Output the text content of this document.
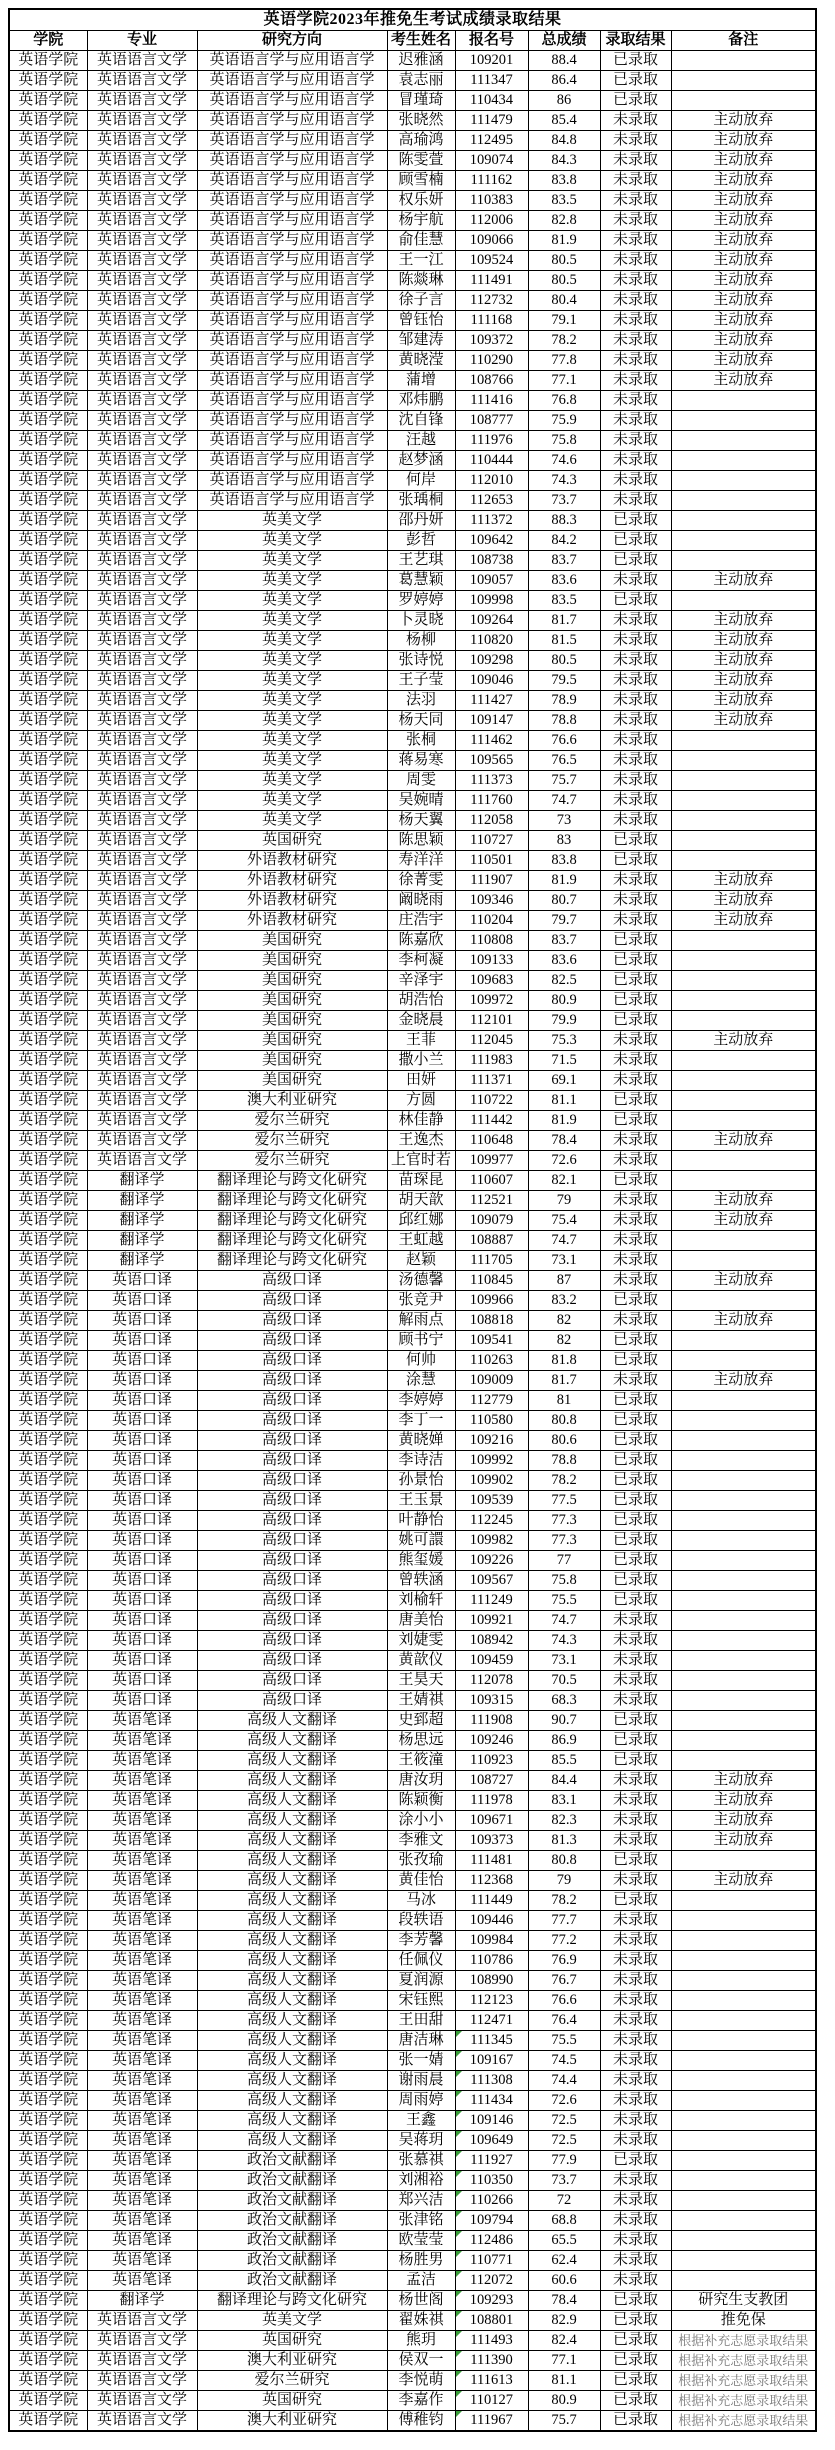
英语学院2023年推免生考试成绩录取结果							
学院	专业	研究方向	考生姓名	报名号	总成绩	录取结果	备注
英语学院	英语语言文学	英语语言学与应用语言学	迟雅涵	109201	88.4	已录取	
英语学院	英语语言文学	英语语言学与应用语言学	袁志丽	111347	86.4	已录取	
英语学院	英语语言文学	英语语言学与应用语言学	冒瑾琦	110434	86	已录取	
英语学院	英语语言文学	英语语言学与应用语言学	张晓然	111479	85.4	未录取	主动放弃
英语学院	英语语言文学	英语语言学与应用语言学	高瑜鸿	112495	84.8	未录取	主动放弃
英语学院	英语语言文学	英语语言学与应用语言学	陈雯萱	109074	84.3	未录取	主动放弃
英语学院	英语语言文学	英语语言学与应用语言学	顾雪楠	111162	83.8	未录取	主动放弃
英语学院	英语语言文学	英语语言学与应用语言学	权乐妍	110383	83.5	未录取	主动放弃
英语学院	英语语言文学	英语语言学与应用语言学	杨宇航	112006	82.8	未录取	主动放弃
英语学院	英语语言文学	英语语言学与应用语言学	俞佳慧	109066	81.9	未录取	主动放弃
英语学院	英语语言文学	英语语言学与应用语言学	王一江	109524	80.5	未录取	主动放弃
英语学院	英语语言文学	英语语言学与应用语言学	陈燚琳	111491	80.5	未录取	主动放弃
英语学院	英语语言文学	英语语言学与应用语言学	徐子言	112732	80.4	未录取	主动放弃
英语学院	英语语言文学	英语语言学与应用语言学	曾钰怡	111168	79.1	未录取	主动放弃
英语学院	英语语言文学	英语语言学与应用语言学	邹建涛	109372	78.2	未录取	主动放弃
英语学院	英语语言文学	英语语言学与应用语言学	黄晓滢	110290	77.8	未录取	主动放弃
英语学院	英语语言文学	英语语言学与应用语言学	蒲增	108766	77.1	未录取	主动放弃
英语学院	英语语言文学	英语语言学与应用语言学	邓炜鹏	111416	76.8	未录取	
英语学院	英语语言文学	英语语言学与应用语言学	沈自锋	108777	75.9	未录取	
英语学院	英语语言文学	英语语言学与应用语言学	汪越	111976	75.8	未录取	
英语学院	英语语言文学	英语语言学与应用语言学	赵梦涵	110444	74.6	未录取	
英语学院	英语语言文学	英语语言学与应用语言学	何岸	112010	74.3	未录取	
英语学院	英语语言文学	英语语言学与应用语言学	张瑀桐	112653	73.7	未录取	
英语学院	英语语言文学	英美文学	邵丹妍	111372	88.3	已录取	
英语学院	英语语言文学	英美文学	彭哲	109642	84.2	已录取	
英语学院	英语语言文学	英美文学	王艺琪	108738	83.7	已录取	
英语学院	英语语言文学	英美文学	葛慧颖	109057	83.6	未录取	主动放弃
英语学院	英语语言文学	英美文学	罗婷婷	109998	83.5	已录取	
英语学院	英语语言文学	英美文学	卜灵晓	109264	81.7	未录取	主动放弃
英语学院	英语语言文学	英美文学	杨柳	110820	81.5	未录取	主动放弃
英语学院	英语语言文学	英美文学	张诗悦	109298	80.5	未录取	主动放弃
英语学院	英语语言文学	英美文学	王子莹	109046	79.5	未录取	主动放弃
英语学院	英语语言文学	英美文学	法羽	111427	78.9	未录取	主动放弃
英语学院	英语语言文学	英美文学	杨天同	109147	78.8	未录取	主动放弃
英语学院	英语语言文学	英美文学	张桐	111462	76.6	未录取	
英语学院	英语语言文学	英美文学	蒋易寒	109565	76.5	未录取	
英语学院	英语语言文学	英美文学	周雯	111373	75.7	未录取	
英语学院	英语语言文学	英美文学	吴婉晴	111760	74.7	未录取	
英语学院	英语语言文学	英美文学	杨天翼	112058	73	未录取	
英语学院	英语语言文学	英国研究	陈思颖	110727	83	已录取	
英语学院	英语语言文学	外语教材研究	寿洋洋	110501	83.8	已录取	
英语学院	英语语言文学	外语教材研究	徐菁雯	111907	81.9	未录取	主动放弃
英语学院	英语语言文学	外语教材研究	阚晓雨	109346	80.7	未录取	主动放弃
英语学院	英语语言文学	外语教材研究	庄浩宇	110204	79.7	未录取	主动放弃
英语学院	英语语言文学	美国研究	陈嘉欣	110808	83.7	已录取	
英语学院	英语语言文学	美国研究	李柯凝	109133	83.6	已录取	
英语学院	英语语言文学	美国研究	辛泽宇	109683	82.5	已录取	
英语学院	英语语言文学	美国研究	胡浩怡	109972	80.9	已录取	
英语学院	英语语言文学	美国研究	金晓晨	112101	79.9	已录取	
英语学院	英语语言文学	美国研究	王菲	112045	75.3	未录取	主动放弃
英语学院	英语语言文学	美国研究	撒小兰	111983	71.5	未录取	
英语学院	英语语言文学	美国研究	田妍	111371	69.1	未录取	
英语学院	英语语言文学	澳大利亚研究	方圆	110722	81.1	已录取	
英语学院	英语语言文学	爱尔兰研究	林佳静	111442	81.9	已录取	
英语学院	英语语言文学	爱尔兰研究	王逸杰	110648	78.4	未录取	主动放弃
英语学院	英语语言文学	爱尔兰研究	上官时若	109977	72.6	未录取	
英语学院	翻译学	翻译理论与跨文化研究	苗琛昆	110607	82.1	已录取	
英语学院	翻译学	翻译理论与跨文化研究	胡天歆	112521	79	未录取	主动放弃
英语学院	翻译学	翻译理论与跨文化研究	邱红娜	109079	75.4	未录取	主动放弃
英语学院	翻译学	翻译理论与跨文化研究	王虹越	108887	74.7	未录取	
英语学院	翻译学	翻译理论与跨文化研究	赵颖	111705	73.1	未录取	
英语学院	英语口译	高级口译	汤德馨	110845	87	未录取	主动放弃
英语学院	英语口译	高级口译	张竞尹	109966	83.2	已录取	
英语学院	英语口译	高级口译	解雨点	108818	82	未录取	主动放弃
英语学院	英语口译	高级口译	顾书宁	109541	82	已录取	
英语学院	英语口译	高级口译	何帅	110263	81.8	已录取	
英语学院	英语口译	高级口译	涂慧	109009	81.7	未录取	主动放弃
英语学院	英语口译	高级口译	李婷婷	112779	81	已录取	
英语学院	英语口译	高级口译	李丁一	110580	80.8	已录取	
英语学院	英语口译	高级口译	黄晓婵	109216	80.6	已录取	
英语学院	英语口译	高级口译	李诗洁	109992	78.8	已录取	
英语学院	英语口译	高级口译	孙景怡	109902	78.2	已录取	
英语学院	英语口译	高级口译	王玉景	109539	77.5	已录取	
英语学院	英语口译	高级口译	叶静怡	112245	77.3	已录取	
英语学院	英语口译	高级口译	姚可譞	109982	77.3	已录取	
英语学院	英语口译	高级口译	熊玺媛	109226	77	已录取	
英语学院	英语口译	高级口译	曾轶涵	109567	75.8	已录取	
英语学院	英语口译	高级口译	刘榆轩	111249	75.5	已录取	
英语学院	英语口译	高级口译	唐美怡	109921	74.7	未录取	
英语学院	英语口译	高级口译	刘婕雯	108942	74.3	未录取	
英语学院	英语口译	高级口译	黄歆仪	109459	73.1	未录取	
英语学院	英语口译	高级口译	王昊天	112078	70.5	未录取	
英语学院	英语口译	高级口译	王婧祺	109315	68.3	未录取	
英语学院	英语笔译	高级人文翻译	史郅超	111908	90.7	已录取	
英语学院	英语笔译	高级人文翻译	杨思远	109246	86.9	已录取	
英语学院	英语笔译	高级人文翻译	王筱潼	110923	85.5	已录取	
英语学院	英语笔译	高级人文翻译	唐汝玥	108727	84.4	未录取	主动放弃
英语学院	英语笔译	高级人文翻译	陈颖衡	111978	83.1	未录取	主动放弃
英语学院	英语笔译	高级人文翻译	涂小小	109671	82.3	未录取	主动放弃
英语学院	英语笔译	高级人文翻译	李雅文	109373	81.3	未录取	主动放弃
英语学院	英语笔译	高级人文翻译	张孜瑜	111481	80.8	已录取	
英语学院	英语笔译	高级人文翻译	黄佳怡	112368	79	未录取	主动放弃
英语学院	英语笔译	高级人文翻译	马冰	111449	78.2	已录取	
英语学院	英语笔译	高级人文翻译	段轶语	109446	77.7	未录取	
英语学院	英语笔译	高级人文翻译	李芳馨	109984	77.2	未录取	
英语学院	英语笔译	高级人文翻译	任佩仪	110786	76.9	未录取	
英语学院	英语笔译	高级人文翻译	夏润源	108990	76.7	未录取	
英语学院	英语笔译	高级人文翻译	宋钰熙	112123	76.6	未录取	
英语学院	英语笔译	高级人文翻译	王田甜	112471	76.4	未录取	
英语学院	英语笔译	高级人文翻译	唐洁琳	111345	75.5	未录取	
英语学院	英语笔译	高级人文翻译	张一婧	109167	74.5	未录取	
英语学院	英语笔译	高级人文翻译	谢雨晨	111308	74.4	未录取	
英语学院	英语笔译	高级人文翻译	周雨婷	111434	72.6	未录取	
英语学院	英语笔译	高级人文翻译	王鑫	109146	72.5	未录取	
英语学院	英语笔译	高级人文翻译	吴蒋玥	109649	72.5	未录取	
英语学院	英语笔译	政治文献翻译	张慕祺	111927	77.9	已录取	
英语学院	英语笔译	政治文献翻译	刘湘裕	110350	73.7	未录取	
英语学院	英语笔译	政治文献翻译	郑兴洁	110266	72	未录取	
英语学院	英语笔译	政治文献翻译	张津铭	109794	68.8	未录取	
英语学院	英语笔译	政治文献翻译	欧莹莹	112486	65.5	未录取	
英语学院	英语笔译	政治文献翻译	杨胜男	110771	62.4	未录取	
英语学院	英语笔译	政治文献翻译	孟洁	112072	60.6	未录取	
英语学院	翻译学	翻译理论与跨文化研究	杨世阁	109293	78.4	已录取	研究生支教团
英语学院	英语语言文学	英美文学	翟姝祺	108801	82.9	已录取	推免保
英语学院	英语语言文学	英国研究	熊玥	111493	82.4	已录取	根据补充志愿录取结果
英语学院	英语语言文学	澳大利亚研究	侯双一	111390	77.1	已录取	根据补充志愿录取结果
英语学院	英语语言文学	爱尔兰研究	李悦萌	111613	81.1	已录取	根据补充志愿录取结果
英语学院	英语语言文学	英国研究	李嘉作	110127	80.9	已录取	根据补充志愿录取结果
英语学院	英语语言文学	澳大利亚研究	傅稚钧	111967	75.7	已录取	根据补充志愿录取结果
